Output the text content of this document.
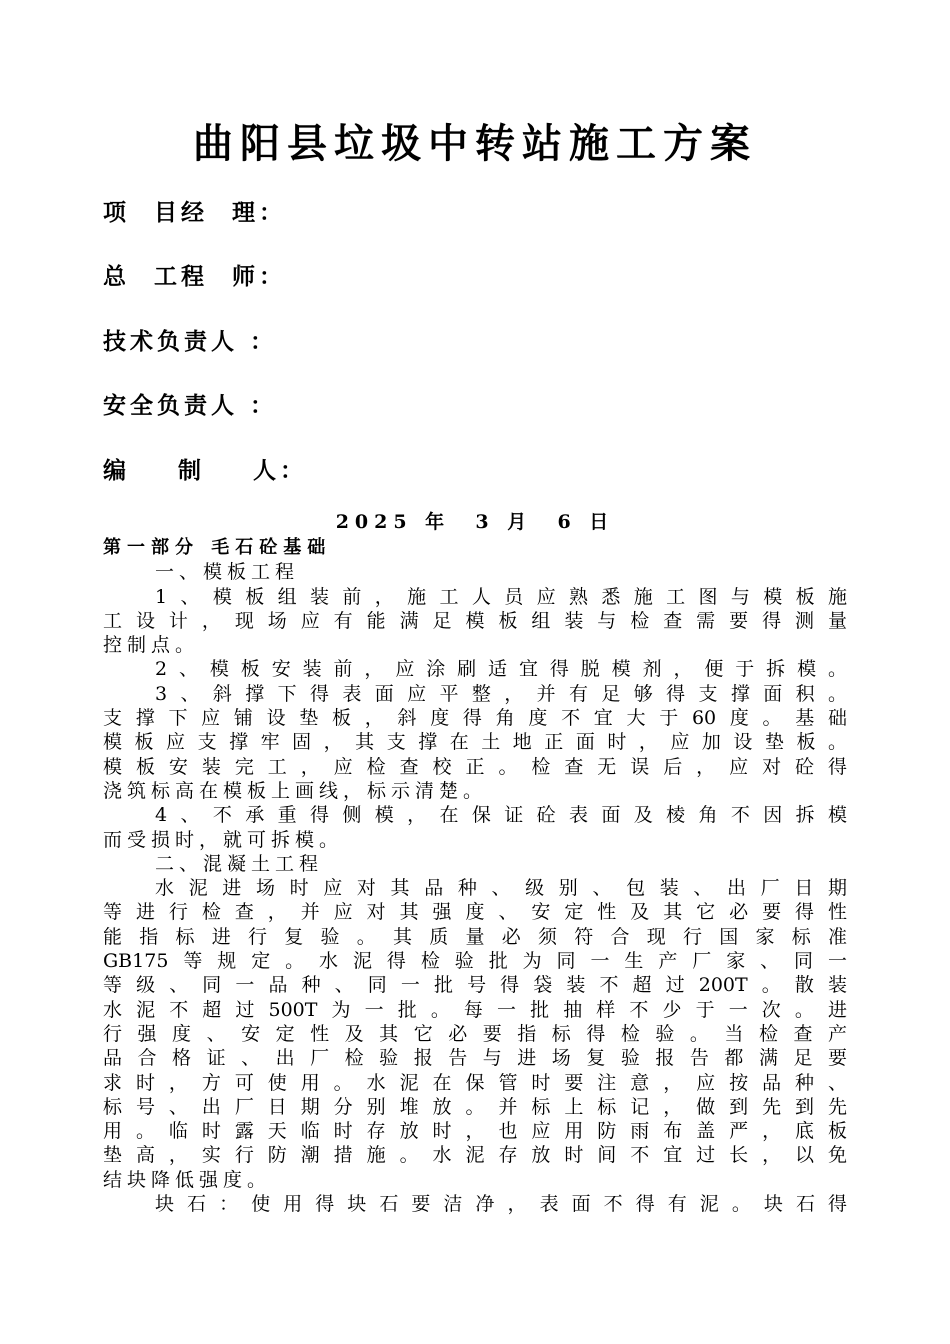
曲阳县垃圾中转站施工方案
项  目经  理：
总  工程  师：
技术负责人 ：
安全负责人 ：
编    制    人：
2025 年  3 月  6 日
第一部分 毛石砼基础
一、模板工程
1、模板组装前，施工人员应熟悉施工图与模板施
工设计，现场应有能满足模板组装与检查需要得测量
控制点。
2、模板安装前，应涂刷适宜得脱模剂，便于拆模。
3、斜撑下得表面应平整，并有足够得支撑面积。
支撑下应铺设垫板，斜度得角度不宜大于60度。基础
模板应支撑牢固，其支撑在土地正面时，应加设垫板。
模板安装完工，应检查校正。检查无误后，应对砼得
浇筑标高在模板上画线，标示清楚。
4、不承重得侧模，在保证砼表面及棱角不因拆模
而受损时，就可拆模。
二、混凝土工程
水泥进场时应对其品种、级别、包装、出厂日期
等进行检查，并应对其强度、安定性及其它必要得性
能指标进行复验。其质量必须符合现行国家标准
GB175等规定。水泥得检验批为同一生产厂家、同一
等级、同一品种、同一批号得袋装不超过200T。散装
水泥不超过500T为一批。每一批抽样不少于一次。进
行强度、安定性及其它必要指标得检验。当检查产
品合格证、出厂检验报告与进场复验报告都满足要
求时，方可使用。水泥在保管时要注意，应按品种、
标号、出厂日期分别堆放。并标上标记，做到先到先
用。临时露天临时存放时，也应用防雨布盖严，底板
垫高，实行防潮措施。水泥存放时间不宜过长，以免
结块降低强度。
块石：使用得块石要洁净，表面不得有泥。块石得
